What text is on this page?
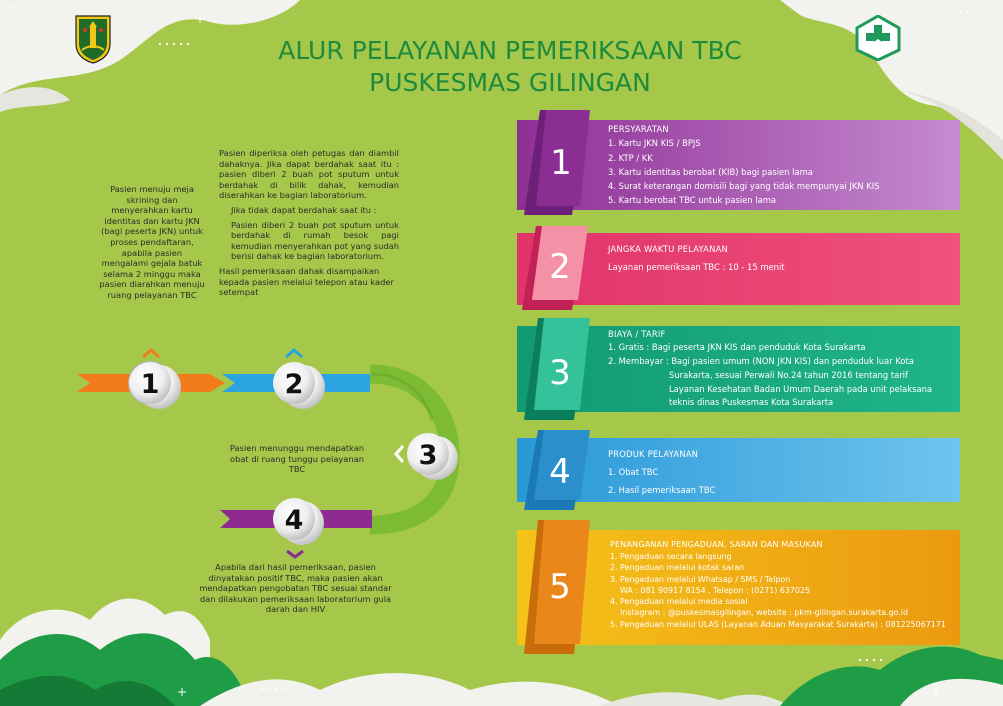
1	2
3
4
1
2
3
4
5
ALUR PELAYANAN PEMERIKSAAN TBC
PUSKESMAS GILINGAN
Pasien menuju meja skrining dan menyerahkan kartu identitas dan kartu JKN (bagi peserta JKN) untuk proses pendaftaran, apabila pasien mengalami gejala batuk selama 2 minggu maka pasien diarahkan menuju ruang pelayanan TBC

Pasien diperiksa oleh petugas dan diambil dahaknya. Jika dapat berdahak saat itu : pasien diberi 2 buah pot sputum untuk berdahak di bilik dahak, kemudian diserahkan ke bagian laboratorium.

Jika tidak dapat berdahak saat itu :

Pasien diberi 2 buah pot sputum untuk berdahak di rumah besok pagi kemudian menyerahkan pot yang sudah berisi dahak ke bagian laboratorium.

Hasil pemeriksaan dahak disampaikan kepada pasien melalui telepon atau kader setempat

Pasien menunggu mendapatkan obat di ruang tunggu pelayanan TBC
Apabila dari hasil pemeriksaan, pasien dinyatakan positif TBC, maka pasien akan mendapatkan pengobatan TBC sesuai standar dan dilakukan pemeriksaan laboratorium gula darah dan HIV
PERSYARATAN
1. Kartu JKN KIS / BPJS
2. KTP / KK
3. Kartu identitas berobat (KIB) bagi pasien lama
4. Surat keterangan domisili bagi yang tidak mempunyai JKN KIS
5. Kartu berobat TBC untuk pasien lama
JANGKA WAKTU PELAYANAN
Layanan pemeriksaan TBC : 10 - 15 menit
BIAYA / TARIF
1. Gratis : Bagi peserta JKN KIS dan penduduk Kota Surakarta
2. Membayar : Bagi pasien umum (NON JKN KIS) dan penduduk luar Kota
Surakarta, sesuai Perwali No.24 tahun 2016 tentang tarif
Layanan Kesehatan Badan Umum Daerah pada unit pelaksana
teknis dinas Puskesmas Kota Surakarta
PRODUK PELAYANAN
1. Obat TBC
2. Hasil pemeriksaan TBC
PENANGANAN PENGADUAN, SARAN DAN MASUKAN
1. Pengaduan secara langsung
2. Pengaduan melalui kotak saran
3. Pengaduan melalui Whatsap / SMS / Telpon
WA : 081 90917 8154 , Telepon : (0271) 637025
4. Pengaduan melalui media sosial
Instagram : @puskesmasgilingan, website : pkm-gilingan.surakarta.go.id
5. Pengaduan melalui ULAS (Layanan Aduan Masyarakat Surakarta) : 081225067171
